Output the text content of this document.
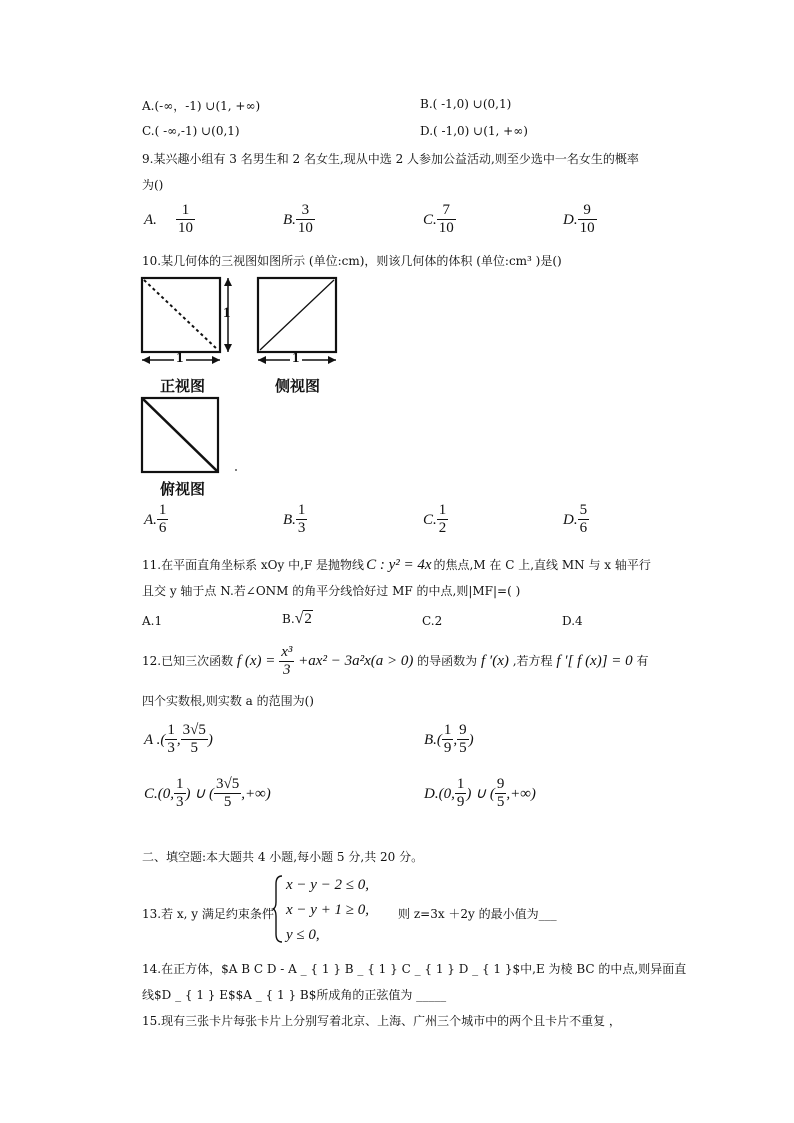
A.(-∞，-1) ∪(1, +∞)	B.( -1,0) ∪(0,1)
C.( -∞,-1) ∪(0,1)	D.( -1,0) ∪(1, +∞)
9.某兴趣小组有 3 名男生和 2 名女生,现从中选 2 人参加公益活动,则至少选中一名女生的概率
为()
A. $\frac{1}{10}$	B. $\frac{3}{10}$	C. $\frac{7}{10}$	D. $\frac{9}{10}$
10.某几何体的三视图如图所示 (单位:cm)，则该几何体的体积 (单位:cm³ )是()
1
1
正视图
1
侧视图
俯视图
A. $\frac{1}{6}$	B. $\frac{1}{3}$	C. $\frac{1}{2}$	D. $\frac{5}{6}$
11.在平面直角坐标系 xOy 中,F 是抛物线 C : y² = 4x 的焦点,M 在 C 上,直线 MN 与 x 轴平行
且交 y 轴于点 N.若∠ONM 的角平分线恰好过 MF 的中点,则|MF|=( )
A.1	B.√2	C.2	D.4
12.已知三次函数 f $(x) = \frac{\text{x³}}{3} +ax^2 - 3a^2x(a > 0)$ 的导函数为 f ′(x) ,若方程 f ′[ f (x)] = 0 有
四个实数根,则实数 a 的范围为()
A .( $\frac{1}{3}$ , $\frac{3√5}{5}$ )	$B.( \frac{1}{9}$ , $\frac{9}{5}$ )
C.(0, $\frac{1}{3}$ ) ∪ ( $\frac{3√5}{5}$ ,+∞)	D.(0, $\frac{1}{9}$ ) ∪ ( $\frac{9}{5}$ ,+∞)
二、填空题:本大题共 4 小题,每小题 5 分,共 20 分。
13.若 x, y 满足约束条件
x − y − 2 ≤ 0,
x − y + 1 ≥ 0,
y ≤ 0,
则 z=3x ＋2y 的最小值为___
14.在正方体，$A B C D - A _ { 1 } B _ { 1 } C _ { 1 } D _ { 1 }$中,E 为棱 BC 的中点,则异面直
线$D _ { 1 } E$$A _ { 1 } B$所成角的正弦值为 _____
15.现有三张卡片每张卡片上分别写着北京、上海、广州三个城市中的两个且卡片不重复 ，
